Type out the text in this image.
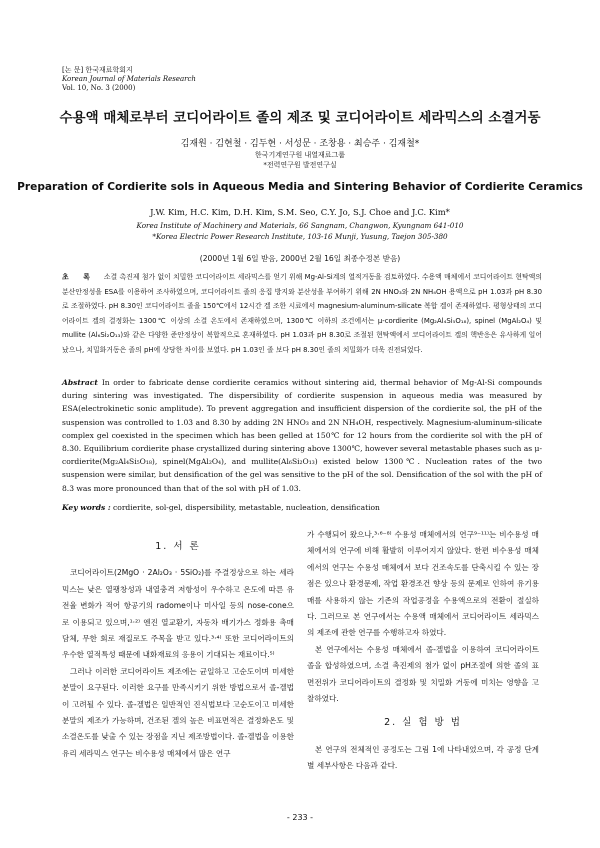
[논 문] 한국재료학회지
Korean Journal of Materials Research
Vol. 10, No. 3 (2000)
수용액 매체로부터 코디어라이트 졸의 제조 및 코디어라이트 세라믹스의 소결거동
김재원 · 김현철 · 김두현 · 서성문 · 조창용 · 최승주 · 김재철*
한국기계연구원 내열재료그룹
*전력연구원 발전연구실
Preparation of Cordierite sols in Aqueous Media and Sintering Behavior of Cordierite Ceramics
J.W. Kim, H.C. Kim, D.H. Kim, S.M. Seo, C.Y. Jo, S.J. Choe and J.C. Kim*
Korea Institute of Machinery and Materials, 66 Sangnam, Changwon, Kyungnam 641-010
*Korea Electric Power Research Institute, 103-16 Munji, Yusung, Taejon 305-380
(2000년 1월 6일 받음, 2000년 2월 16일 최종수정본 받음)
초 록 소결 촉진제 첨가 없이 치밀한 코디어라이트 세라믹스를 얻기 위해 Mg-Al-Si계의 열적거동을 검토하였다. 수용액 매체에서 코디어라이트 현탁액의 분산안정성을 ESA를 이용하여 조사하였으며, 코디어라이트 졸의 응집 방지와 분산성을 부여하기 위해 2N HNO₃와 2N NH₄OH 용액으로 pH 1.03과 pH 8.30로 조절하였다. pH 8.30인 코디어라이트 졸을 150℃에서 12시간 겔 조한 시료에서 magnesium-aluminum-silicate 복합 겔이 존재하였다. 평형상태의 코디어라이트 겔의 결정화는 1300℃ 이상의 소결 온도에서 존재하였으며, 1300℃ 이하의 조건에서는 μ-cordierite (Mg₂Al₄Si₅O₁₈), spinel (MgAl₂O₄) 및 mullite (Al₆Si₂O₁₃)와 같은 다양한 준안정상이 복합적으로 혼재하였다. pH 1.03과 pH 8.30로 조절된 현탁액에서 코디어라이트 겔의 핵반응은 유사하게 일어났으나, 치밀화거동은 졸의 pH에 상당한 차이를 보였다. pH 1.03인 졸 보다 pH 8.30인 졸의 치밀화가 더욱 진전되었다.
Abstract In order to fabricate dense cordierite ceramics without sintering aid, thermal behavior of Mg-Al-Si compounds during sintering was investigated. The dispersibility of cordierite suspension in aqueous media was measured by ESA(electrokinetic sonic amplitude). To prevent aggregation and insufficient dispersion of the cordierite sol, the pH of the suspension was controlled to 1.03 and 8.30 by adding 2N HNO₃ and 2N NH₄OH, respectively. Magnesium-aluminum-silicate complex gel coexisted in the specimen which has been gelled at 150℃ for 12 hours from the cordierite sol with the pH of 8.30. Equilibrium cordierite phase crystallized during sintering above 1300℃, however several metastable phases such as μ-cordierite(Mg₂Al₄Si₅O₁₈), spinel(MgAl₂O₄), and mullite(Al₆Si₂O₁₃) existed below 1300℃. Nucleation rates of the two suspension were similar, but densification of the gel was sensitive to the pH of the sol. Densification of the sol with the pH of 8.3 was more pronounced than that of the sol with pH of 1.03.
Key words : cordierite, sol-gel, dispersibility, metastable, nucleation, densification
1. 서 론

코디어라이트(2MgO · 2Al₂O₃ · 5SiO₂)를 주결정상으로 하는 세라믹스는 낮은 열팽창성과 내열충격 저항성이 우수하고 온도에 따른 유전율 변화가 적어 항공기의 radome이나 미사일 등의 nose-cone으로 이용되고 있으며,¹·²⁾ 엔진 열교환기, 자동차 배기가스 정화용 촉매 담체, 무한 회로 재질로도 주목을 받고 있다.³·⁴⁾ 또한 코디어라이트의 우수한 열적특성 때문에 내화재료의 응용이 기대되는 재료이다.⁵⁾

그러나 이러한 코디어라이트 제조에는 균일하고 고순도이며 미세한 분말이 요구된다. 이러한 요구를 만족시키기 위한 방법으로서 졸-겔법이 고려될 수 있다. 졸-겔법은 일반적인 진식법보다 고순도이고 미세한 분말의 제조가 가능하며, 건조된 겔의 높은 비표면적은 결정화온도 및 소결온도를 낮출 수 있는 장점을 지닌 제조방법이다. 졸-겔법을 이용한 유리 세라믹스 연구는 비수용성 매체에서 많은 연구

가 수행되어 왔으나,³·⁶⁻⁸⁾ 수용성 매체에서의 연구⁹⁻¹¹⁾는 비수용성 매체에서의 연구에 비해 활발히 이루어지지 않았다. 한편 비수용성 매체에서의 연구는 수용성 매체에서 보다 건조속도를 단축시킬 수 있는 장점은 있으나 환경문제, 작업 환경조건 향상 등의 문제로 인하여 유기용매를 사용하지 않는 기존의 작업공정을 수용액으로의 전환이 절실하다. 그러므로 본 연구에서는 수용액 매체에서 코디어라이트 세라믹스의 제조에 관한 연구를 수행하고자 하였다.

본 연구에서는 수용성 매체에서 졸-겔법을 이용하여 코디어라이트 졸을 합성하였으며, 소결 촉진제의 첨가 없이 pH조절에 의한 졸의 표면전위가 코디어라이트의 결정화 및 치밀화 거동에 미치는 영향을 고찰하였다.

2. 실 험 방 법

본 연구의 전체적인 공정도는 그림 1에 나타내었으며, 각 공정 단계별 세부사항은 다음과 같다.

- 233 -
